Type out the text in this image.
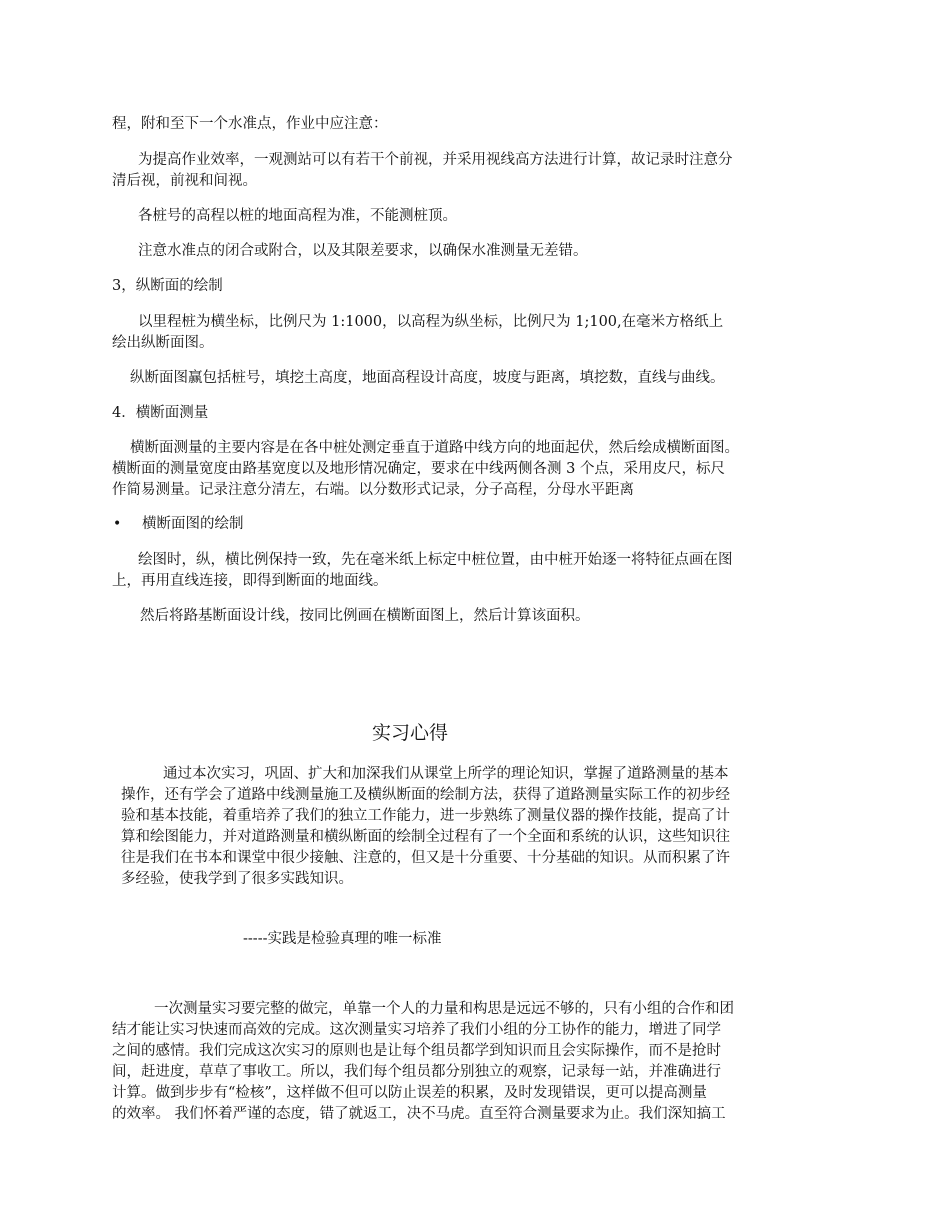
程，附和至下一个水准点，作业中应注意：
为提高作业效率，一观测站可以有若干个前视，并采用视线高方法进行计算，故记录时注意分
清后视，前视和间视。
各桩号的高程以桩的地面高程为准，不能测桩顶。
注意水准点的闭合或附合，以及其限差要求，以确保水准测量无差错。
3，纵断面的绘制
以里程桩为横坐标，比例尺为 1:1000，以高程为纵坐标，比例尺为 1;100,在毫米方格纸上
绘出纵断面图。
纵断面图赢包括桩号，填挖土高度，地面高程设计高度，坡度与距离，填挖数，直线与曲线。
4．横断面测量
横断面测量的主要内容是在各中桩处测定垂直于道路中线方向的地面起伏，然后绘成横断面图。
横断面的测量宽度由路基宽度以及地形情况确定，要求在中线两侧各测 3 个点，采用皮尺，标尺
作简易测量。记录注意分清左，右端。以分数形式记录，分子高程，分母水平距离
• 横断面图的绘制
绘图时，纵，横比例保持一致，先在毫米纸上标定中桩位置，由中桩开始逐一将特征点画在图
上，再用直线连接，即得到断面的地面线。
然后将路基断面设计线，按同比例画在横断面图上，然后计算该面积。
实习心得
通过本次实习，巩固、扩大和加深我们从课堂上所学的理论知识，掌握了道路测量的基本
操作，还有学会了道路中线测量施工及横纵断面的绘制方法，获得了道路测量实际工作的初步经
验和基本技能，着重培养了我们的独立工作能力，进一步熟练了测量仪器的操作技能，提高了计
算和绘图能力，并对道路测量和横纵断面的绘制全过程有了一个全面和系统的认识，这些知识往
往是我们在书本和课堂中很少接触、注意的，但又是十分重要、十分基础的知识。从而积累了许
多经验，使我学到了很多实践知识。
-----实践是检验真理的唯一标准
一次测量实习要完整的做完，单靠一个人的力量和构思是远远不够的，只有小组的合作和团
结才能让实习快速而高效的完成。这次测量实习培养了我们小组的分工协作的能力，增进了同学
之间的感情。我们完成这次实习的原则也是让每个组员都学到知识而且会实际操作，而不是抢时
间，赶进度，草草了事收工。所以，我们每个组员都分别独立的观察，记录每一站，并准确进行
计算。做到步步有“检核”，这样做不但可以防止误差的积累，及时发现错误，更可以提高测量
的效率。 我们怀着严谨的态度，错了就返工，决不马虎。直至符合测量要求为止。我们深知搞工
